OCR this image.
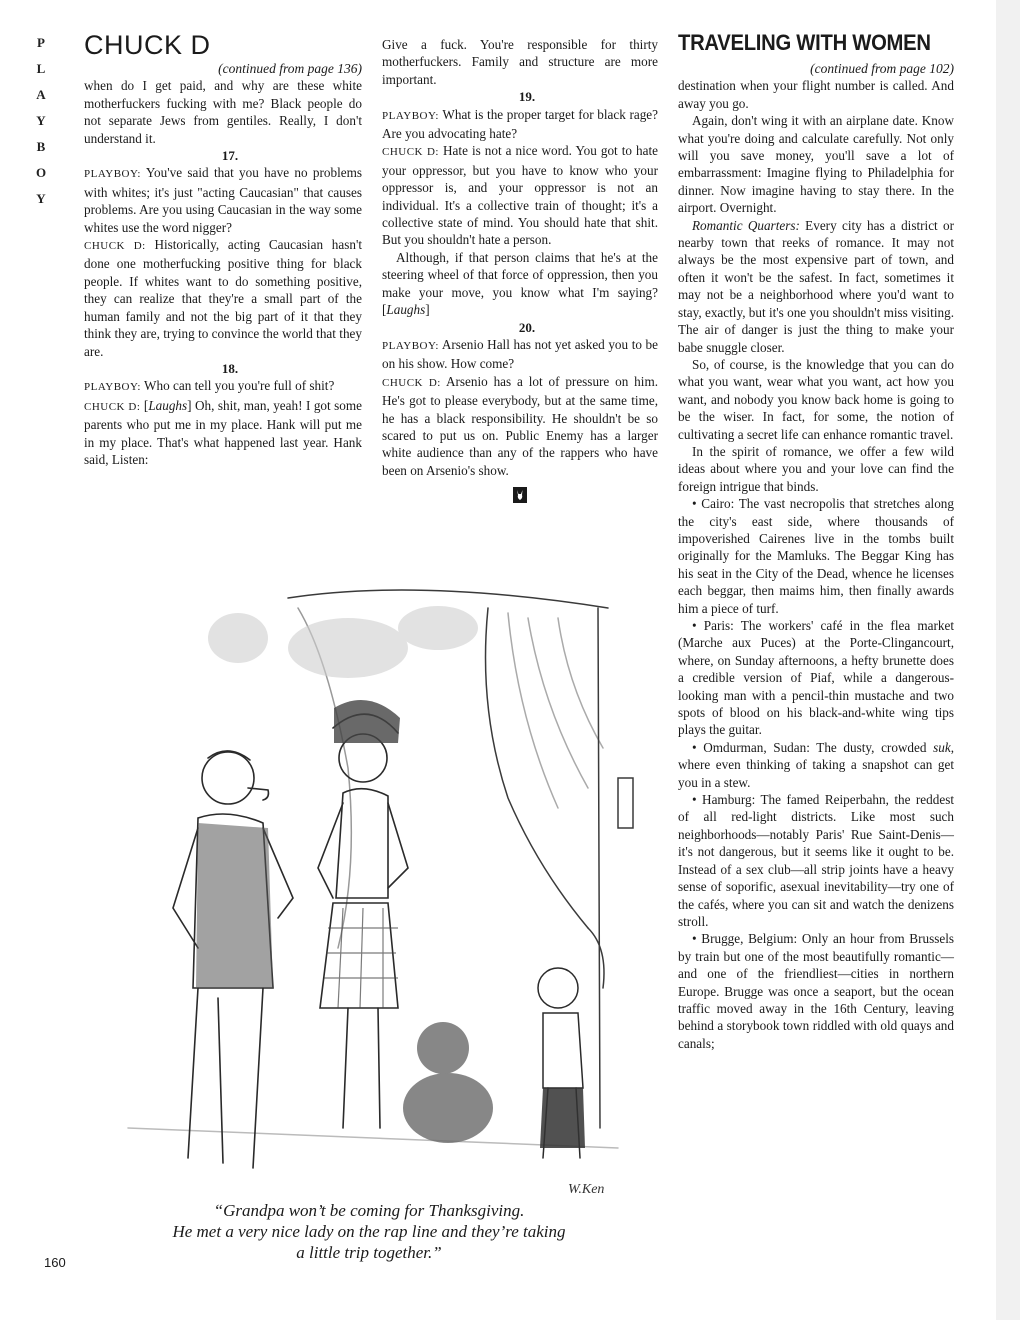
P
L
A
Y
B
O
Y
CHUCK D

(continued from page 136)

when do I get paid, and why are these white motherfuckers fucking with me? Black people do not separate Jews from gentiles. Really, I don't understand it.

17.

PLAYBOY: You've said that you have no problems with whites; it's just "acting Caucasian" that causes problems. Are you using Caucasian in the way some whites use the word nigger?

CHUCK D: Historically, acting Caucasian hasn't done one motherfucking positive thing for black people. If whites want to do something positive, they can realize that they're a small part of the human family and not the big part of it that they think they are, trying to convince the world that they are.

18.

PLAYBOY: Who can tell you you're full of shit?

CHUCK D: [Laughs] Oh, shit, man, yeah! I got some parents who put me in my place. Hank will put me in my place. That's what happened last year. Hank said, Listen:

Give a fuck. You're responsible for thirty motherfuckers. Family and structure are more important.

19.

PLAYBOY: What is the proper target for black rage? Are you advocating hate?

CHUCK D: Hate is not a nice word. You got to hate your oppressor, but you have to know who your oppressor is, and your oppressor is not an individual. It's a collective train of thought; it's a collective state of mind. You should hate that shit. But you shouldn't hate a person.

Although, if that person claims that he's at the steering wheel of that force of oppression, then you make your move, you know what I'm saying? [Laughs]

20.

PLAYBOY: Arsenio Hall has not yet asked you to be on his show. How come?

CHUCK D: Arsenio has a lot of pressure on him. He's got to please everybody, but at the same time, he has a black responsibility. He shouldn't be so scared to put us on. Public Enemy has a larger white audience than any of the rappers who have been on Arsenio's show.

TRAVELING WITH WOMEN

(continued from page 102)

destination when your flight number is called. And away you go.

Again, don't wing it with an airplane date. Know what you're doing and calculate carefully. Not only will you save money, you'll save a lot of embarrassment: Imagine flying to Philadelphia for dinner. Now imagine having to stay there. In the airport. Overnight.

Romantic Quarters: Every city has a district or nearby town that reeks of romance. It may not always be the most expensive part of town, and often it won't be the safest. In fact, sometimes it may not be a neighborhood where you'd want to stay, exactly, but it's one you shouldn't miss visiting. The air of danger is just the thing to make your babe snuggle closer.

So, of course, is the knowledge that you can do what you want, wear what you want, act how you want, and nobody you know back home is going to be the wiser. In fact, for some, the notion of cultivating a secret life can enhance romantic travel.

In the spirit of romance, we offer a few wild ideas about where you and your love can find the foreign intrigue that binds.

• Cairo: The vast necropolis that stretches along the city's east side, where thousands of impoverished Cairenes live in the tombs built originally for the Mamluks. The Beggar King has his seat in the City of the Dead, whence he licenses each beggar, then maims him, then finally awards him a piece of turf.

• Paris: The workers' café in the flea market (Marche aux Puces) at the Porte-Clingancourt, where, on Sunday afternoons, a hefty brunette does a credible version of Piaf, while a dangerous-looking man with a pencil-thin mustache and two spots of blood on his black-and-white wing tips plays the guitar.

• Omdurman, Sudan: The dusty, crowded suk, where even thinking of taking a snapshot can get you in a stew.

• Hamburg: The famed Reiperbahn, the reddest of all red-light districts. Like most such neighborhoods—notably Paris' Rue Saint-Denis—it's not dangerous, but it seems like it ought to be. Instead of a sex club—all strip joints have a heavy sense of soporific, asexual inevitability—try one of the cafés, where you can sit and watch the denizens stroll.

• Brugge, Belgium: Only an hour from Brussels by train but one of the most beautifully romantic—and one of the friendliest—cities in northern Europe. Brugge was once a seaport, but the ocean traffic moved away in the 16th Century, leaving behind a storybook town riddled with old quays and canals;

W.Ken
“Grandpa won’t be coming for Thanksgiving.
He met a very nice lady on the rap line and they’re taking
a little trip together.”
160
